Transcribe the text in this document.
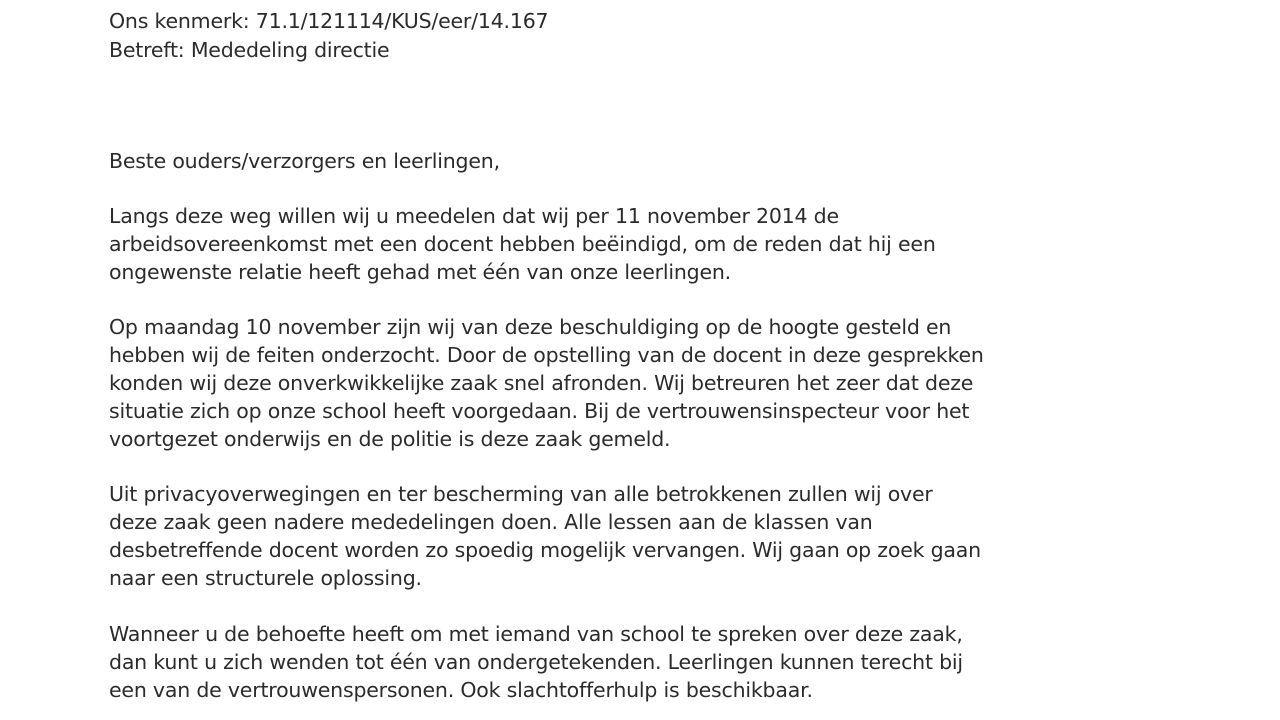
Ons kenmerk: 71.1/121114/KUS/eer/14.167
Betreft: Mededeling directie
Beste ouders/verzorgers en leerlingen,
Langs deze weg willen wij u meedelen dat wij per 11 november 2014 de
arbeidsovereenkomst met een docent hebben beëindigd, om de reden dat hij een
ongewenste relatie heeft gehad met één van onze leerlingen.
Op maandag 10 november zijn wij van deze beschuldiging op de hoogte gesteld en
hebben wij de feiten onderzocht. Door de opstelling van de docent in deze gesprekken
konden wij deze onverkwikkelijke zaak snel afronden. Wij betreuren het zeer dat deze
situatie zich op onze school heeft voorgedaan. Bij de vertrouwensinspecteur voor het
voortgezet onderwijs en de politie is deze zaak gemeld.
Uit privacyoverwegingen en ter bescherming van alle betrokkenen zullen wij over
deze zaak geen nadere mededelingen doen. Alle lessen aan de klassen van
desbetreffende docent worden zo spoedig mogelijk vervangen. Wij gaan op zoek gaan
naar een structurele oplossing.
Wanneer u de behoefte heeft om met iemand van school te spreken over deze zaak,
dan kunt u zich wenden tot één van ondergetekenden. Leerlingen kunnen terecht bij
een van de vertrouwenspersonen. Ook slachtofferhulp is beschikbaar.
